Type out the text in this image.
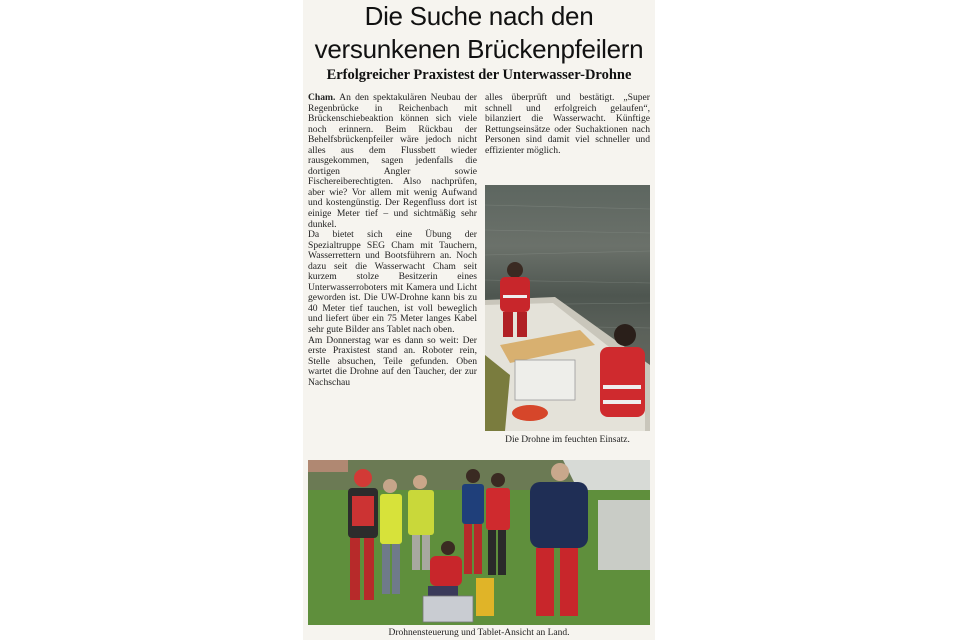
Die Suche nach den
versunkenen Brückenpfeilern
Erfolgreicher Praxistest der Unterwasser-Drohne

Cham. An den spektakulären Neubau der Regenbrücke in Reichenbach mit Brückenschiebeaktion können sich viele noch erinnern. Beim Rückbau der Behelfsbrückenpfeiler wäre jedoch nicht alles aus dem Flussbett wieder rausgekommen, sagen jedenfalls die dortigen Angler sowie Fischereiberechtigten. Also nachprüfen, aber wie? Vor allem mit wenig Aufwand und kostengünstig. Der Regenfluss dort ist einige Meter tief – und sichtmäßig sehr dunkel.

Da bietet sich eine Übung der Spezialtruppe SEG Cham mit Tauchern, Wasserrettern und Bootsführern an. Noch dazu seit die Wasserwacht Cham seit kurzem stolze Besitzerin eines Unterwasserroboters mit Kamera und Licht geworden ist. Die UW-Drohne kann bis zu 40 Meter tief tauchen, ist voll beweglich und liefert über ein 75 Meter langes Kabel sehr gute Bilder ans Tablet nach oben.

Am Donnerstag war es dann so weit: Der erste Praxistest stand an. Roboter rein, Stelle absuchen, Teile gefunden. Oben wartet die Drohne auf den Taucher, der zur Nachschau

alles überprüft und bestätigt. „Super schnell und erfolgreich gelaufen“, bilanziert die Wasserwacht. Künftige Rettungseinsätze oder Suchaktionen nach Personen sind damit viel schneller und effizienter möglich.

Die Drohne im feuchten Einsatz.
Drohnensteuerung und Tablet-Ansicht an Land.
